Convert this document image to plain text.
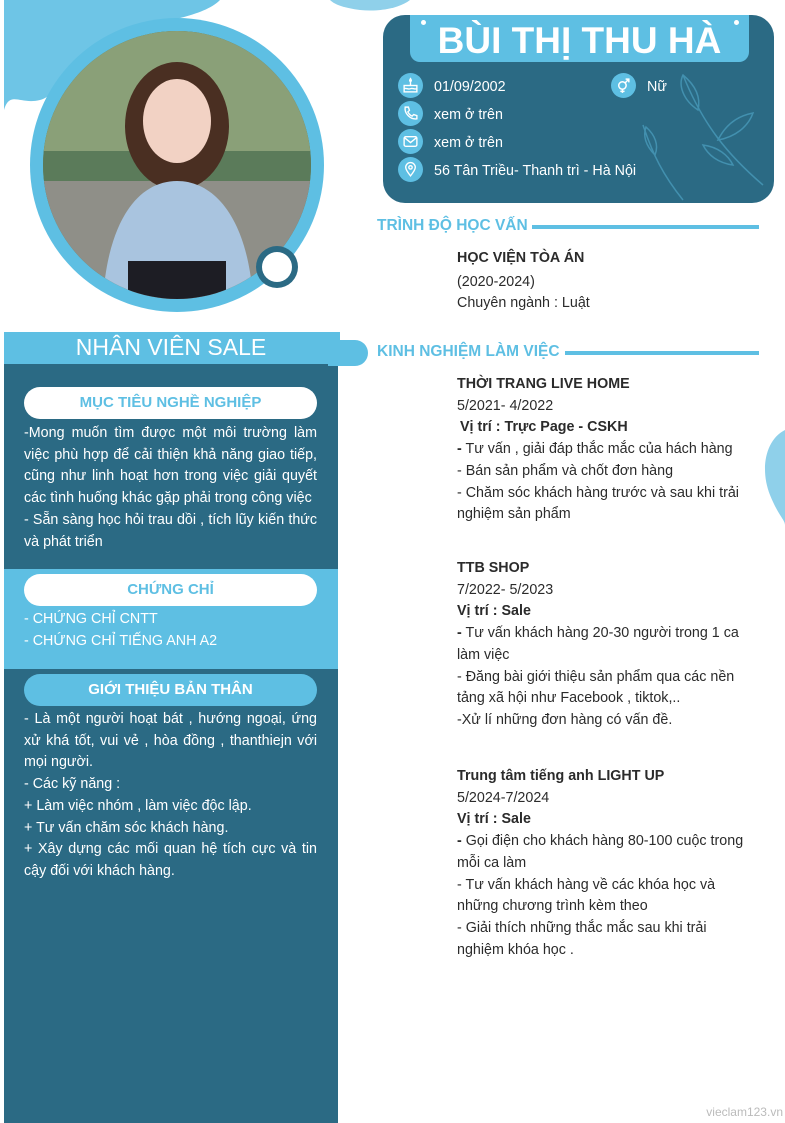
NHÂN VIÊN SALE
MỤC TIÊU NGHỀ NGHIỆP
-Mong muốn tìm được một môi trường làm việc phù hợp để cải thiện khả năng giao tiếp, cũng như linh hoạt hơn trong việc giải quyết các tình huống khác gặp phải trong công việc
- Sẵn sàng học hỏi trau dồi , tích lũy kiến thức và phát triển
CHỨNG CHỈ
- CHỨNG CHỈ CNTT
- CHỨNG CHỈ TIẾNG ANH A2
GIỚI THIỆU BẢN THÂN
- Là một người hoạt bát , hướng ngoại, ứng xử khá tốt, vui vẻ , hòa đồng , thanthiejn với mọi người.
- Các kỹ năng :
+ Làm việc nhóm , làm việc độc lập.
+ Tư vấn chăm sóc khách hàng.
+ Xây dựng các mối quan hệ tích cực và tin cậy đối với khách hàng.
BÙI THỊ THU HÀ
01/09/2002	Nữ
xem ở trên
xem ở trên
56 Tân Triều- Thanh trì - Hà Nội
TRÌNH ĐỘ HỌC VẤN
HỌC VIỆN TÒA ÁN
(2020-2024)
Chuyên ngành : Luật
KINH NGHIỆM LÀM VIỆC
THỜI TRANG LIVE HOME
5/2021- 4/2022
Vị trí : Trực Page - CSKH
- Tư vấn , giải đáp thắc mắc của hách hàng
- Bán sản phẩm và chốt đơn hàng
- Chăm sóc khách hàng trước và sau khi trải nghiệm sản phẩm
TTB SHOP
7/2022- 5/2023
Vị trí : Sale
- Tư vấn khách hàng 20-30 người trong 1 ca làm việc
- Đăng bài giới thiệu sản phẩm qua các nền tảng xã hội như Facebook , tiktok,..
-Xử lí những đơn hàng có vấn đề.
Trung tâm tiếng anh LIGHT UP
5/2024-7/2024
Vị trí : Sale
- Gọi điện cho khách hàng 80-100 cuộc trong mỗi ca làm
- Tư vấn khách hàng về các khóa học và những chương trình kèm theo
- Giải thích những thắc mắc sau khi trải nghiệm khóa học .
vieclam123.vn
